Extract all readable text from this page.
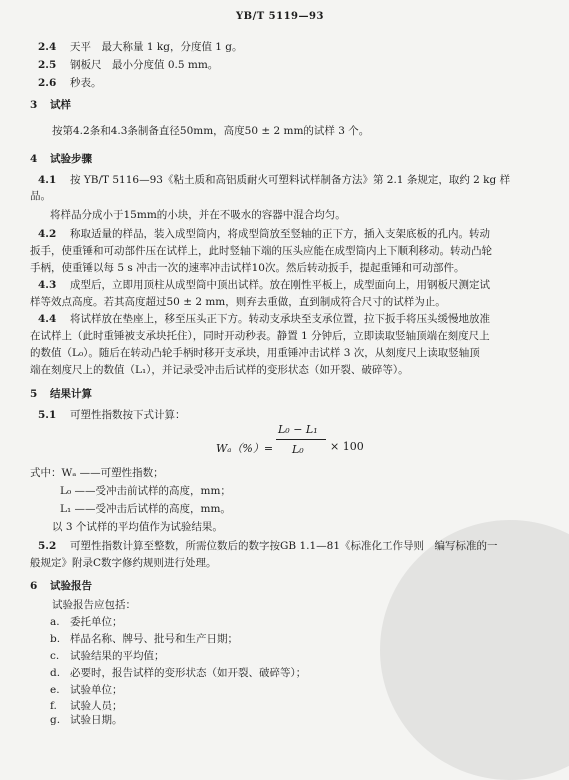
YB/T 5119—93
2.4 天平　最大称量 1 kg，分度值 1 g。
2.5 钢板尺　最小分度值 0.5 mm。
2.6 秒表。
3 试样
按第4.2条和4.3条制备直径50mm，高度50 ± 2 mm的试样 3 个。
4 试验步骤
4.1 按 YB/T 5116—93《粘土质和高铝质耐火可塑料试样制备方法》第 2.1 条规定，取约 2 kg 样
品。
将样品分成小于15mm的小块，并在不吸水的容器中混合均匀。
4.2 称取适量的样品，装入成型筒内，将成型筒放至竖轴的正下方，插入支架底板的孔内。转动
扳手，使重锤和可动部件压在试样上，此时竖轴下端的压头应能在成型筒内上下顺利移动。转动凸轮
手柄，使重锤以每 5 s 冲击一次的速率冲击试样10次。然后转动扳手，提起重锤和可动部件。
4.3 成型后，立即用顶柱从成型筒中顶出试样。放在刚性平板上，成型面向上，用钢板尺测定试
样等效点高度。若其高度超过50 ± 2 mm，则弃去重做，直到制成符合尺寸的试样为止。
4.4 将试样放在垫座上，移至压头正下方。转动支承块至支承位置，拉下扳手将压头缓慢地放准
在试样上（此时重锤被支承块托住），同时开动秒表。静置 1 分钟后，立即读取竖轴顶端在刻度尺上
的数值（L₀）。随后在转动凸轮手柄时移开支承块，用重锤冲击试样 3 次，从刻度尺上读取竖轴顶
端在刻度尺上的数值（L₁），并记录受冲击后试样的变形状态（如开裂、破碎等）。
5 结果计算
5.1 可塑性指数按下式计算：
Wₐ（%）=
L₀ − L₁
L₀ × 100
式中：Wₐ ——可塑性指数；
L₀ ——受冲击前试样的高度，mm；
L₁ ——受冲击后试样的高度，mm。
以 3 个试样的平均值作为试验结果。
5.2 可塑性指数计算至整数，所需位数后的数字按GB 1.1—81《标准化工作导则　编写标准的一
般规定》附录C数字修约规则进行处理。
6 试验报告
试验报告应包括：
a. 委托单位；
b. 样品名称、牌号、批号和生产日期；
c. 试验结果的平均值；
d. 必要时，报告试样的变形状态（如开裂、破碎等）；
e. 试验单位；
f. 试验人员；
g. 试验日期。
